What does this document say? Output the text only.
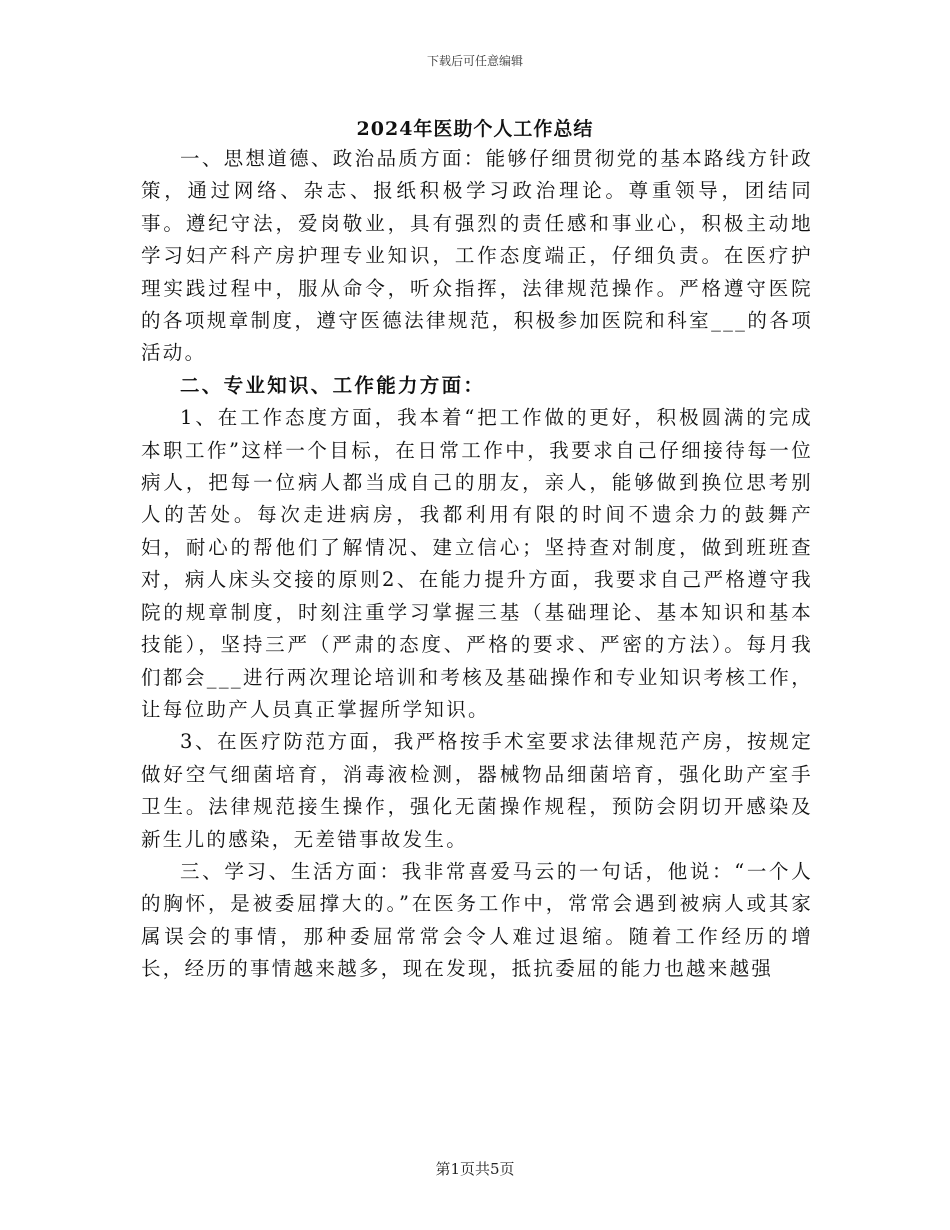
下载后可任意编辑
2024年医助个人工作总结

一、思想道德、政治品质方面：能够仔细贯彻党的基本路线方针政策，通过网络、杂志、报纸积极学习政治理论。尊重领导，团结同事。遵纪守法，爱岗敬业，具有强烈的责任感和事业心，积极主动地学习妇产科产房护理专业知识，工作态度端正，仔细负责。在医疗护理实践过程中，服从命令，听众指挥，法律规范操作。严格遵守医院的各项规章制度，遵守医德法律规范，积极参加医院和科室___的各项活动。

二、专业知识、工作能力方面：

1、在工作态度方面，我本着“把工作做的更好，积极圆满的完成本职工作”这样一个目标，在日常工作中，我要求自己仔细接待每一位病人，把每一位病人都当成自己的朋友，亲人，能够做到换位思考别人的苦处。每次走进病房，我都利用有限的时间不遗余力的鼓舞产妇，耐心的帮他们了解情况、建立信心；坚持查对制度，做到班班查对，病人床头交接的原则2、在能力提升方面，我要求自己严格遵守我院的规章制度，时刻注重学习掌握三基（基础理论、基本知识和基本技能），坚持三严（严肃的态度、严格的要求、严密的方法）。每月我们都会___进行两次理论培训和考核及基础操作和专业知识考核工作，让每位助产人员真正掌握所学知识。

3、在医疗防范方面，我严格按手术室要求法律规范产房，按规定做好空气细菌培育，消毒液检测，器械物品细菌培育，强化助产室手卫生。法律规范接生操作，强化无菌操作规程，预防会阴切开感染及新生儿的感染，无差错事故发生。

三、学习、生活方面：我非常喜爱马云的一句话，他说：“一个人的胸怀，是被委屈撑大的。”在医务工作中，常常会遇到被病人或其家属误会的事情，那种委屈常常会令人难过退缩。随着工作经历的增长，经历的事情越来越多，现在发现，抵抗委屈的能力也越来越强

第1页共5页
